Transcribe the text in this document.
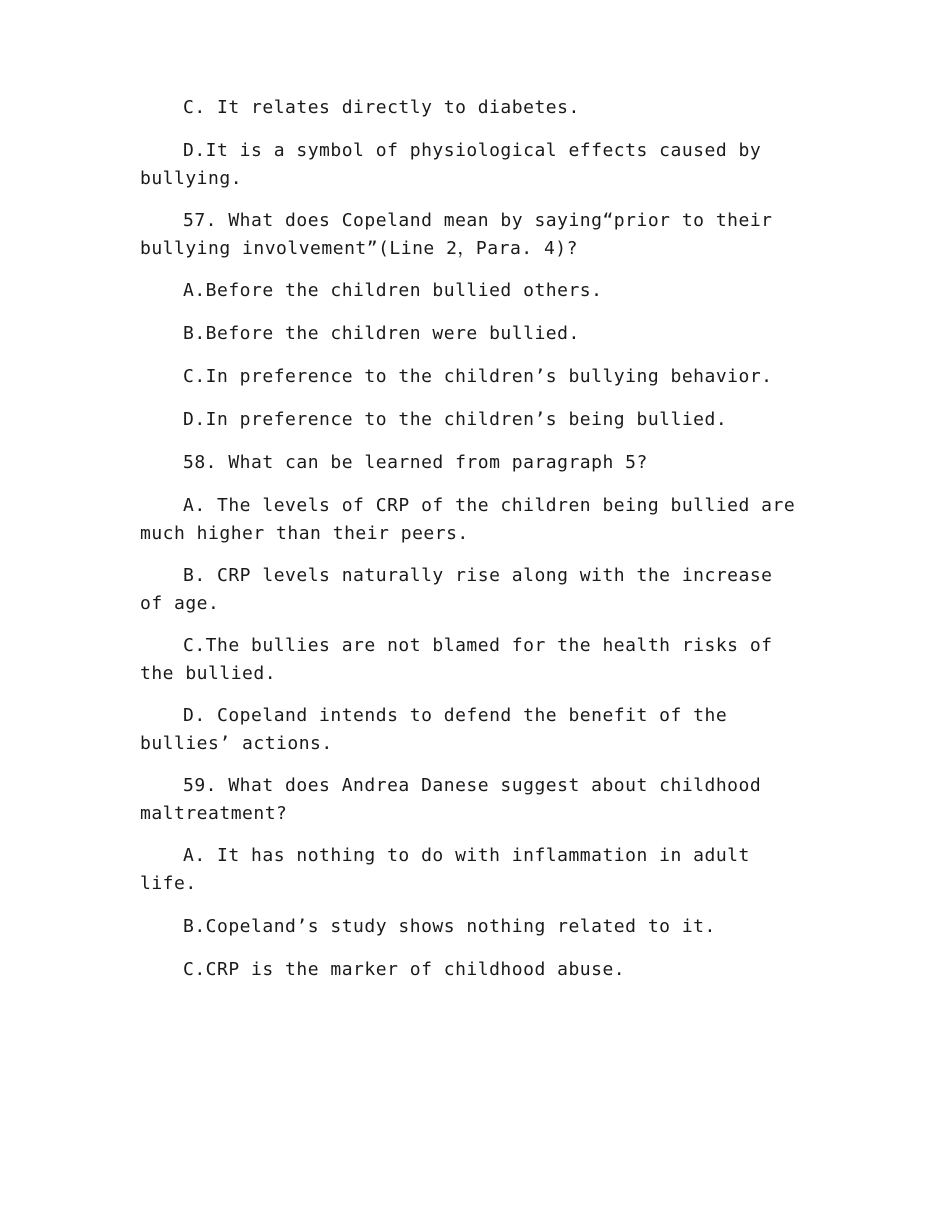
C. It relates directly to diabetes.

D.It is a symbol of physiological effects caused by bullying.

57. What does Copeland mean by saying“prior to their bullying involvement”(Line 2，Para. 4)?

A.Before the children bullied others.

B.Before the children were bullied.

C.In preference to the children’s bullying behavior.

D.In preference to the children’s being bullied.

58. What can be learned from paragraph 5?

A. The levels of CRP of the children being bullied are much higher than their peers.

B. CRP levels naturally rise along with the increase of age.

C.The bullies are not blamed for the health risks of the bullied.

D. Copeland intends to defend the benefit of the bullies’ actions.

59. What does Andrea Danese suggest about childhood maltreatment?

A. It has nothing to do with inflammation in adult life.

B.Copeland’s study shows nothing related to it.

C.CRP is the marker of childhood abuse.
